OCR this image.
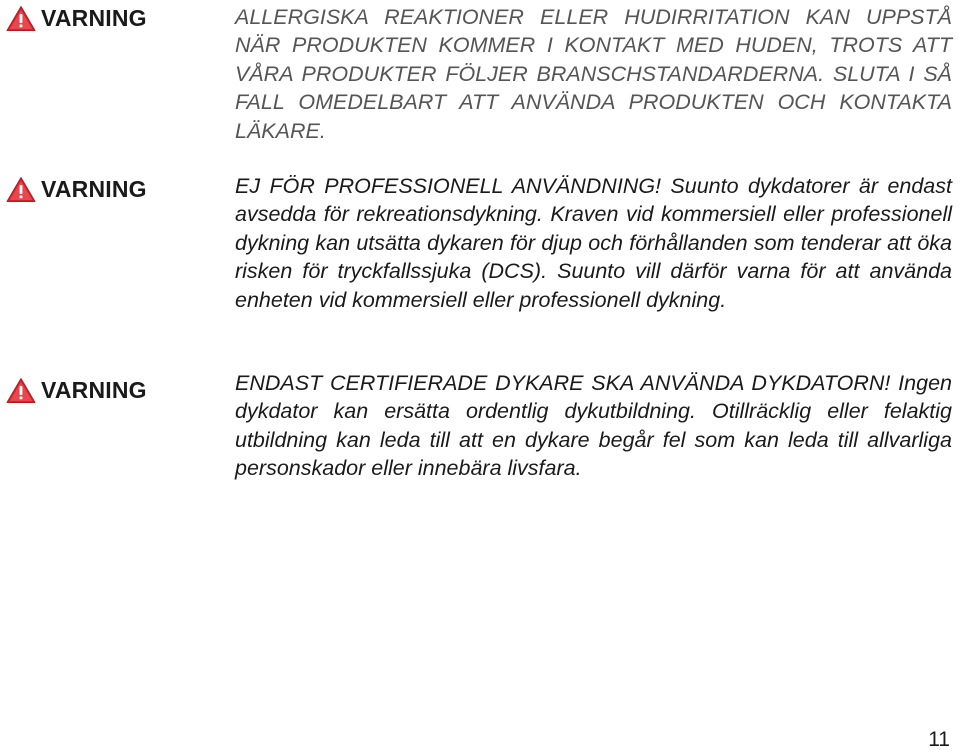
VARNING	ALLERGISKA REAKTIONER ELLER HUDIRRITATION KAN UPPSTÅ NÄR PRODUKTEN KOMMER I KONTAKT MED HUDEN, TROTS ATT VÅRA PRODUKTER FÖLJER BRANSCHSTANDARDERNA. SLUTA I SÅ FALL OMEDELBART ATT ANVÄNDA PRODUKTEN OCH KONTAKTA LÄKARE.

VARNING	EJ FÖR PROFESSIONELL ANVÄNDNING! Suunto dykdatorer är endast avsedda för rekreationsdykning. Kraven vid kommersiell eller professionell dykning kan utsätta dykaren för djup och förhållanden som tenderar att öka risken för tryckfallssjuka (DCS). Suunto vill därför varna för att använda enheten vid kommersiell eller professionell dykning.

VARNING	ENDAST CERTIFIERADE DYKARE SKA ANVÄNDA DYKDATORN! Ingen dykdator kan ersätta ordentlig dykutbildning. Otillräcklig eller felaktig utbildning kan leda till att en dykare begår fel som kan leda till allvarliga personskador eller innebära livsfara.

11
